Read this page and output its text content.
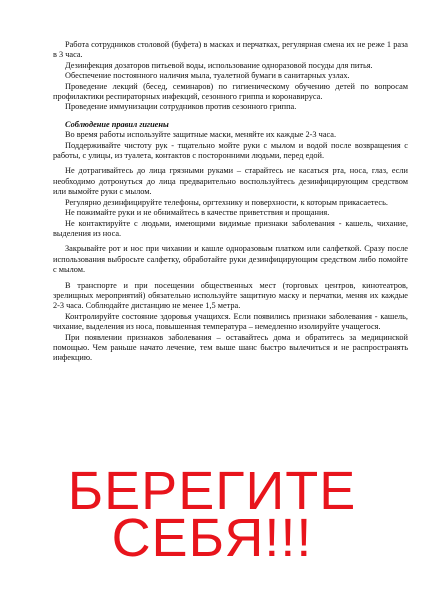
Работа сотрудников столовой (буфета) в масках и перчатках, регулярная смена их не реже 1 раза в 3 часа.

Дезинфекция дозаторов питьевой воды, использование одноразовой посуды для питья.

Обеспечение постоянного наличия мыла, туалетной бумаги в санитарных узлах.

Проведение лекций (бесед, семинаров) по гигиеническому обучению детей по вопросам профилактики респираторных инфекций, сезонного гриппа и коронавируса.

Проведение иммунизации сотрудников против сезонного гриппа.

Соблюдение правил гигиены

Во время работы используйте защитные маски, меняйте их каждые 2-3 часа.

Поддерживайте чистоту рук - тщательно мойте руки с мылом и водой после возвращения с работы, с улицы, из туалета, контактов с посторонними людьми, перед едой.

Не дотрагивайтесь до лица грязными руками – старайтесь не касаться рта, носа, глаз, если необходимо дотронуться до лица предварительно воспользуйтесь дезинфицирующим средством или вымойте руки с мылом.

Регулярно дезинфицируйте телефоны, оргтехнику и поверхности, к которым прикасаетесь.

Не пожимайте руки и не обнимайтесь в качестве приветствия и прощания.

Не контактируйте с людьми, имеющими видимые признаки заболевания - кашель, чихание, выделения из носа.

Закрывайте рот и нос при чихании и кашле одноразовым платком или салфеткой. Сразу после использования выбросьте салфетку, обработайте руки дезинфицирующим средством либо помойте с мылом.

В транспорте и при посещении общественных мест (торговых центров, кинотеатров, зрелищных мероприятий) обязательно используйте защитную маску и перчатки, меняя их каждые 2-3 часа. Соблюдайте дистанцию не менее 1,5 метра.

Контролируйте состояние здоровья учащихся. Если появились признаки заболевания - кашель, чихание, выделения из носа, повышенная температура – немедленно изолируйте учащегося.

При появлении признаков заболевания – оставайтесь дома и обратитесь за медицинской помощью. Чем раньше начато лечение, тем выше шанс быстро вылечиться и не распространять инфекцию.

БЕРЕГИТЕ

СЕБЯ!!!
